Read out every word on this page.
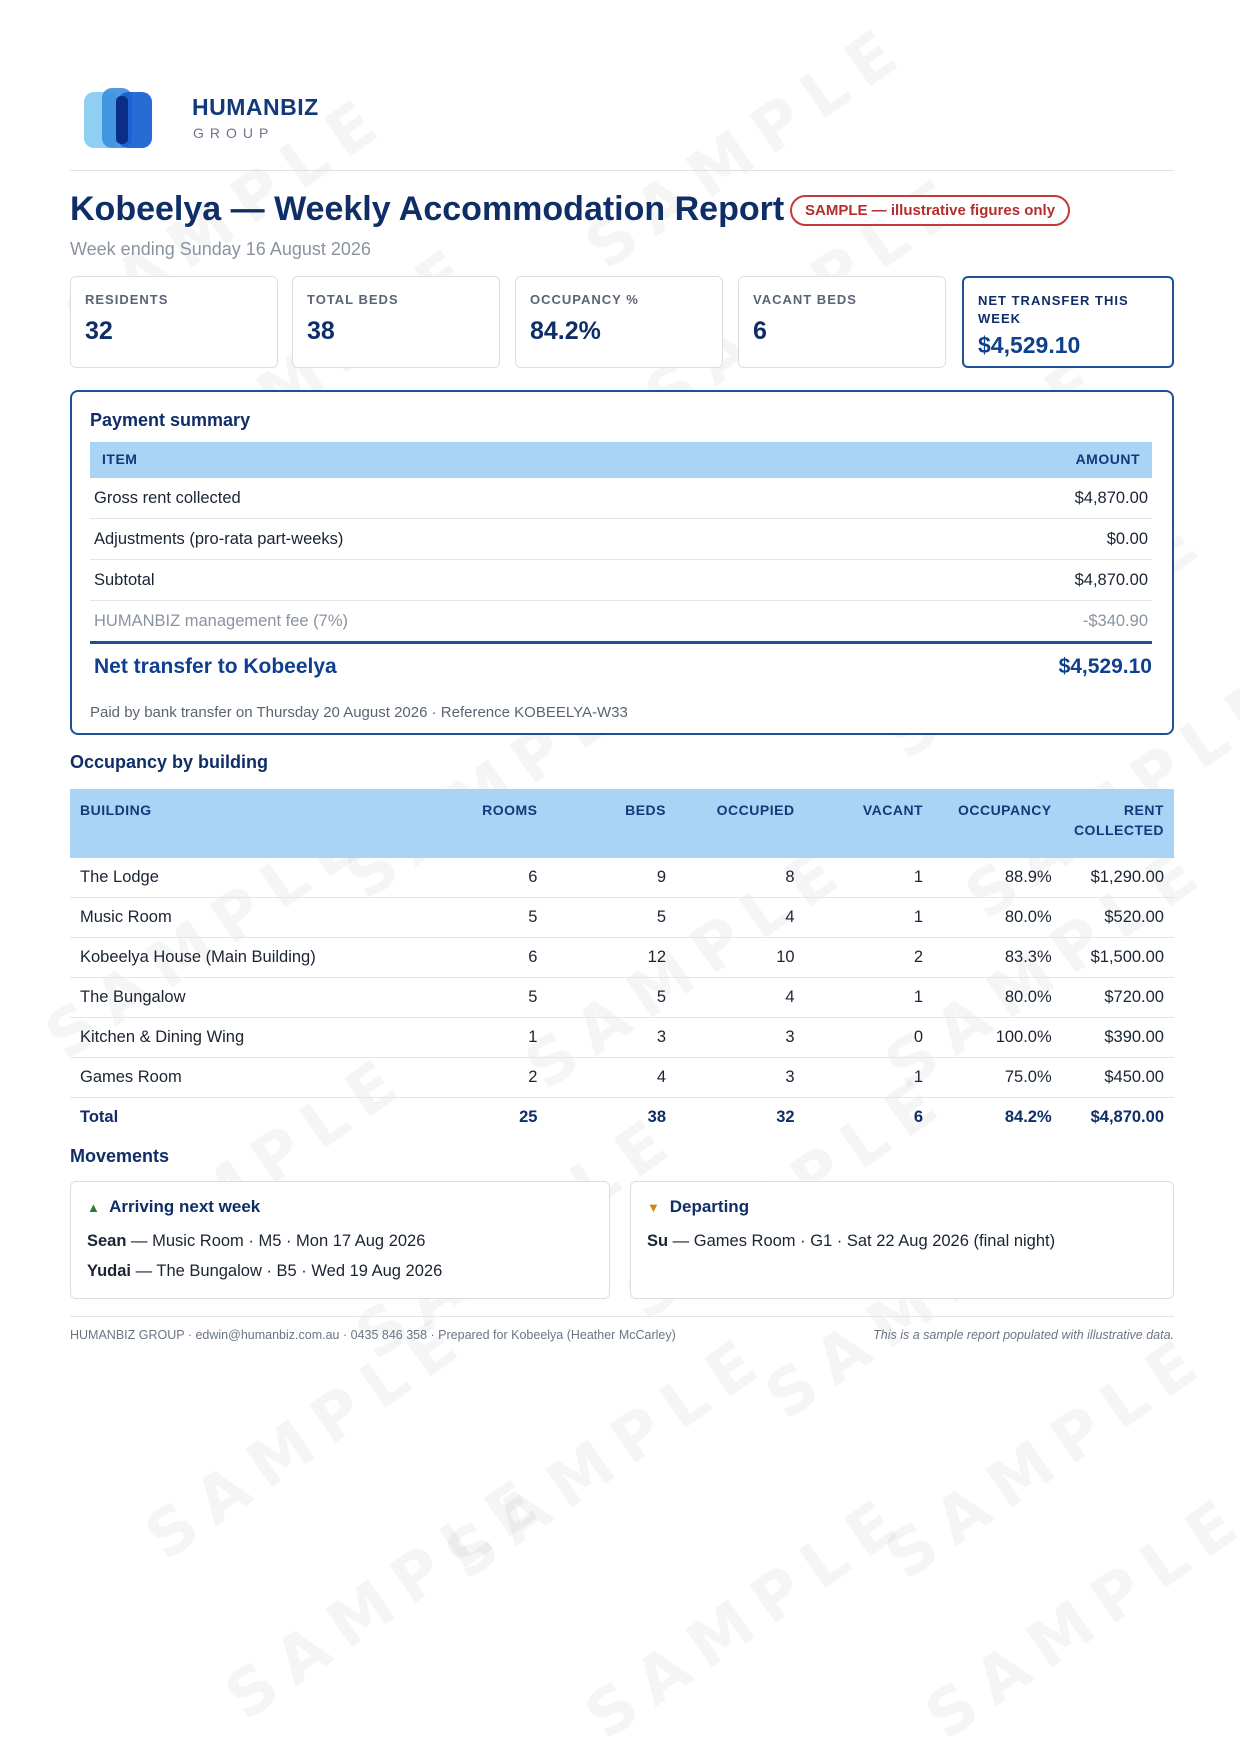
HUMANBIZ
GROUP
Kobeelya — Weekly Accommodation Report	SAMPLE — illustrative figures only
Week ending Sunday 16 August 2026
RESIDENTS
32
TOTAL BEDS
38
OCCUPANCY %
84.2%
VACANT BEDS
6
NET TRANSFER THIS WEEK
$4,529.10
Payment summary
ITEM	AMOUNT
Gross rent collected	$4,870.00
Adjustments (pro-rata part-weeks)	$0.00
Subtotal	$4,870.00
HUMANBIZ management fee (7%)	-$340.90
Net transfer to Kobeelya	$4,529.10
Paid by bank transfer on Thursday 20 August 2026 · Reference KOBEELYA-W33
Occupancy by building
BUILDING	ROOMS	BEDS	OCCUPIED	VACANT	OCCUPANCY	RENT COLLECTED
The Lodge	6	9	8	1	88.9%	$1,290.00
Music Room	5	5	4	1	80.0%	$520.00
Kobeelya House (Main Building)	6	12	10	2	83.3%	$1,500.00
The Bungalow	5	5	4	1	80.0%	$720.00
Kitchen & Dining Wing	1	3	3	0	100.0%	$390.00
Games Room	2	4	3	1	75.0%	$450.00
Total	25	38	32	6	84.2%	$4,870.00
Movements
▲ Arriving next week
Sean — Music Room · M5 · Mon 17 Aug 2026
Yudai — The Bungalow · B5 · Wed 19 Aug 2026
▼ Departing
Su — Games Room · G1 · Sat 22 Aug 2026 (final night)
HUMANBIZ GROUP · edwin@humanbiz.com.au · 0435 846 358 · Prepared for Kobeelya (Heather McCarley)	This is a sample report populated with illustrative data.
